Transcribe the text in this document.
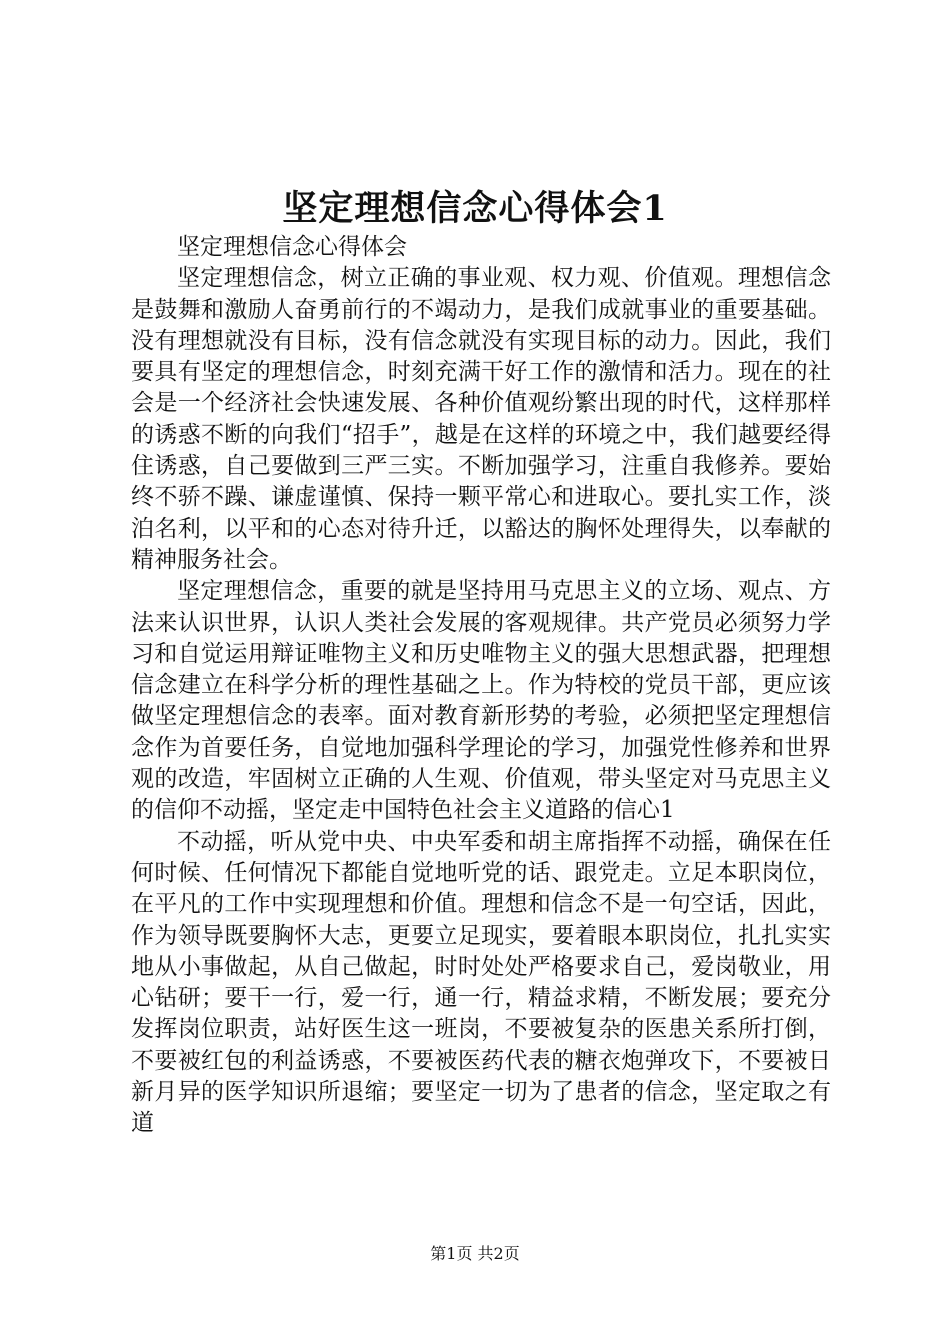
坚定理想信念心得体会1

坚定理想信念心得体会

坚定理想信念，树立正确的事业观、权力观、价值观。理想信念是鼓舞和激励人奋勇前行的不竭动力，是我们成就事业的重要基础。没有理想就没有目标，没有信念就没有实现目标的动力。因此，我们要具有坚定的理想信念，时刻充满干好工作的激情和活力。现在的社会是一个经济社会快速发展、各种价值观纷繁出现的时代，这样那样的诱惑不断的向我们“招手”，越是在这样的环境之中，我们越要经得住诱惑，自己要做到三严三实。不断加强学习，注重自我修养。要始终不骄不躁、谦虚谨慎、保持一颗平常心和进取心。要扎实工作，淡泊名利，以平和的心态对待升迁，以豁达的胸怀处理得失，以奉献的精神服务社会。

坚定理想信念，重要的就是坚持用马克思主义的立场、观点、方法来认识世界，认识人类社会发展的客观规律。共产党员必须努力学习和自觉运用辩证唯物主义和历史唯物主义的强大思想武器，把理想信念建立在科学分析的理性基础之上。作为特校的党员干部，更应该做坚定理想信念的表率。面对教育新形势的考验，必须把坚定理想信念作为首要任务，自觉地加强科学理论的学习，加强党性修养和世界观的改造，牢固树立正确的人生观、价值观，带头坚定对马克思主义的信仰不动摇，坚定走中国特色社会主义道路的信心1

不动摇，听从党中央、中央军委和胡主席指挥不动摇，确保在任何时候、任何情况下都能自觉地听党的话、跟党走。立足本职岗位，在平凡的工作中实现理想和价值。理想和信念不是一句空话，因此，作为领导既要胸怀大志，更要立足现实，要着眼本职岗位，扎扎实实地从小事做起，从自己做起，时时处处严格要求自己，爱岗敬业，用心钻研；要干一行，爱一行，通一行，精益求精，不断发展；要充分发挥岗位职责，站好医生这一班岗，不要被复杂的医患关系所打倒，不要被红包的利益诱惑，不要被医药代表的糖衣炮弹攻下，不要被日新月异的医学知识所退缩；要坚定一切为了患者的信念，坚定取之有道

第1页 共2页
